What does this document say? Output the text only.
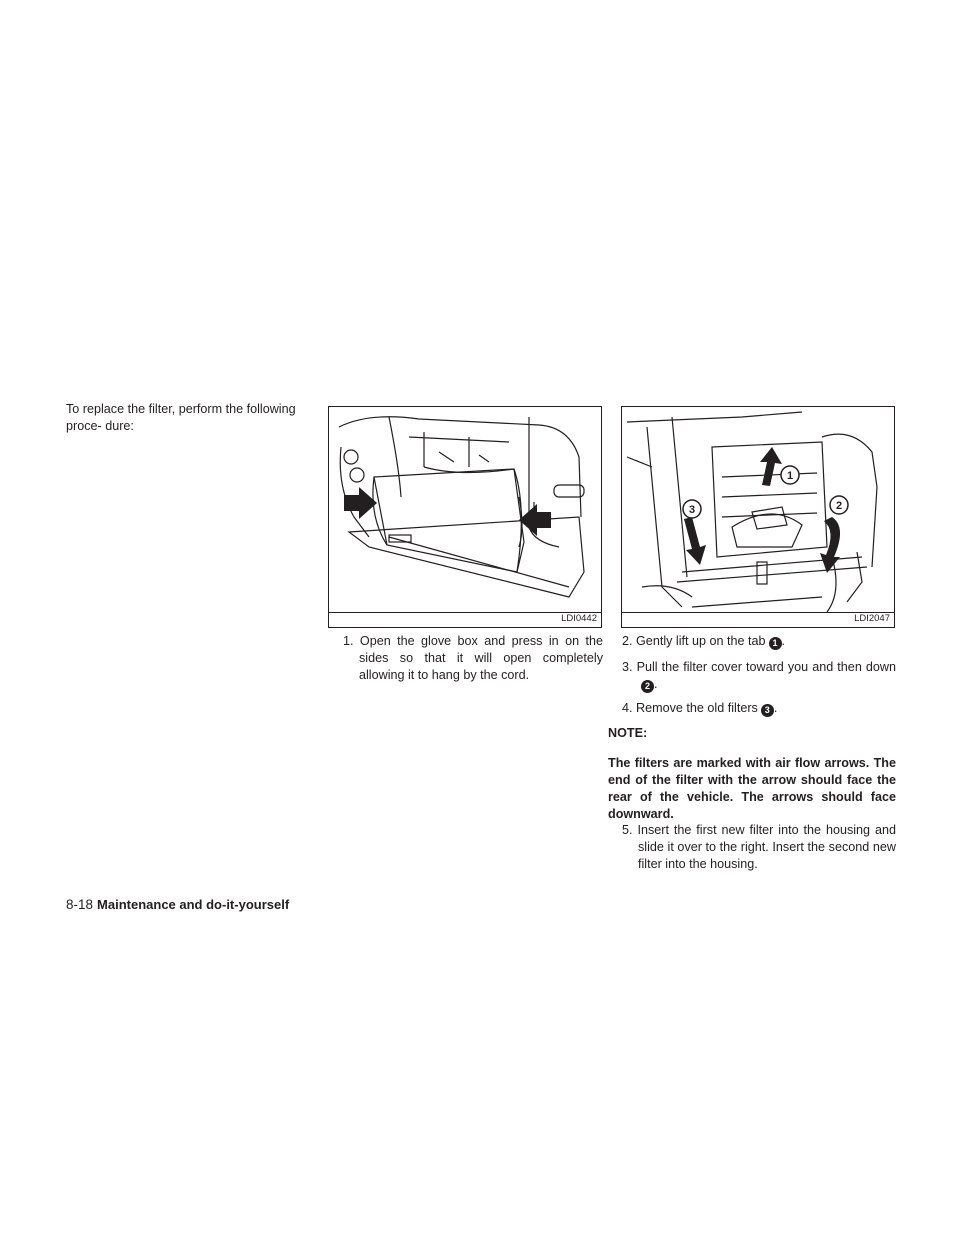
To replace the filter, perform the following proce- dure:

LDI0442
1
2
3
LDI2047

1. Open the glove box and press in on the sides so that it will open completely allowing it to hang by the cord.

2. Gently lift up on the tab 1 .

3. Pull the filter cover toward you and then down2 .

4. Remove the old filters 3 .

NOTE:

The filters are marked with air flow arrows. The end of the filter with the arrow should face the rear of the vehicle. The arrows should face downward.

5. Insert the first new filter into the housing and slide it over to the right. Insert the second new filter into the housing.

8-18 Maintenance and do-it-yourself
